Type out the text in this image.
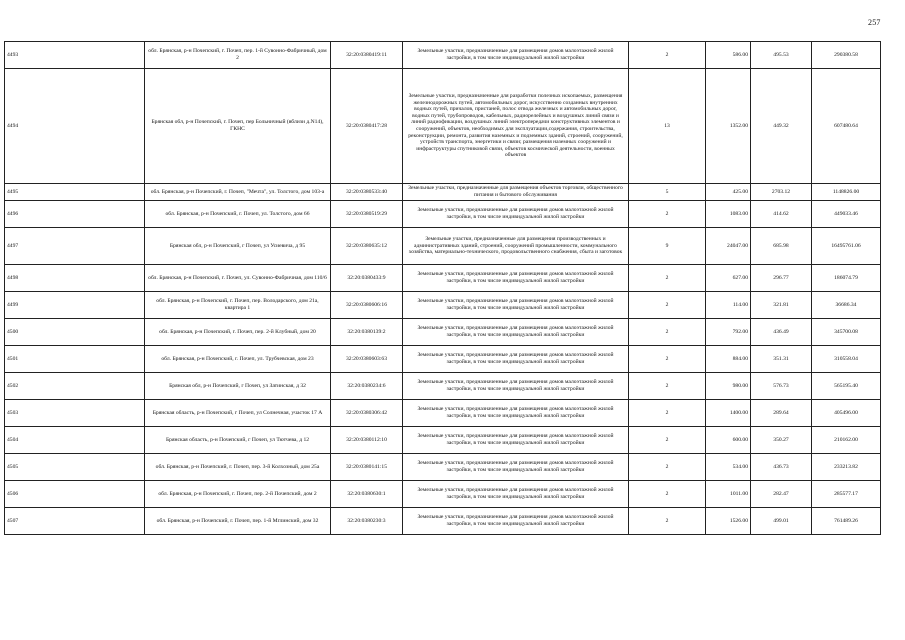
257
4493	обл. Брянская, р-н Почепский, г. Почеп, пер. 1-й Сувонно-Фабричный, дом 2	32:20:0380419:11	Земельные участки, предназначенные для размещения домов малоэтажной жилой застройки, в том числе индивидуальной жилой застройки	2	586.00	495.53	290380.58
4494	Брянская обл, р-н Почепский, г. Почеп, пер Больничный (вблизи д.N14), ГКНС	32:20:0380417:28	Земельные участки, предназначенные для разработки полезных ископаемых, размещения железнодорожных путей, автомобильных дорог, искусственно созданных внутренних водных путей, причалов, пристаней, полос отвода железных и автомобильных дорог, водных путей, трубопроводов, кабельных, радиорелейных и воздушных линий связи и линий радиофикации, воздушных линий электропередачи конструктивных элементов и сооружений, объектов, необходимых для эксплуатации,содержания, строительства, реконструкции, ремонта, развития наземных и подземных зданий, строений, сооружений, устройств транспорта, энергетики и связи; размещения наземных сооружений и инфраструктуры спутниковой связи, объектов космической деятельности, военных объектов	13	1352.00	449.32	607480.64
4495	обл. Брянская, р-н Почепский, г. Почеп, "Мечта", ул. Толстого, дом 103-а	32:20:0380533:40	Земельные участки, предназначенные для размещения объектов торговли, общественного питания и бытового обслуживания	5	425.00	2703.12	1148826.00
4496	обл. Брянская, р-н Почепский, г. Почеп, ул. Толстого, дом 66	32:20:0380519:29	Земельные участки, предназначенные для размещения домов малоэтажной жилой застройки, в том числе индивидуальной жилой застройки	2	1083.00	414.62	449033.46
4497	Брянская обл, р-н Почепский, г Почеп, ул Усиевича, д 95	32:20:0380635:12	Земельные участки, предназначенные для размещения производственных и административных зданий, строений, сооружений промышленности, коммунального хозяйства, материально-технического, продовольственного снабжения, сбыта и заготовок	9	24047.00	685.98	16495761.06
4498	обл. Брянская, р-н Почепский, г. Почеп, ул. Сувонно-Фабричная, дом 110/6	32:20:0380433:9	Земельные участки, предназначенные для размещения домов малоэтажной жилой застройки, в том числе индивидуальной жилой застройки	2	627.00	296.77	186074.79
4499	обл. Брянская, р-н Почепский, г. Почеп, пер. Володарского, дом 21а, квартира 1	32:20:0380606:16	Земельные участки, предназначенные для размещения домов малоэтажной жилой застройки, в том числе индивидуальной жилой застройки	2	114.00	321.81	36686.34
4500	обл. Брянская, р-н Почепский, г. Почеп, пер. 2-й Клубный, дом 20	32:20:0380139:2	Земельные участки, предназначенные для размещения домов малоэтажной жилой застройки, в том числе индивидуальной жилой застройки	2	792.00	436.49	345700.08
4501	обл. Брянская, р-н Почепский, г. Почеп, ул. Трубчевская, дом 23	32:20:0380603:63	Земельные участки, предназначенные для размещения домов малоэтажной жилой застройки, в том числе индивидуальной жилой застройки	2	884.00	351.31	310558.04
4502	Брянская обл, р-н Почепский, г Почеп, ул Затинская, д 32	32:20:0380234:6	Земельные участки, предназначенные для размещения домов малоэтажной жилой застройки, в том числе индивидуальной жилой застройки	2	980.00	576.73	565195.40
4503	Брянская область, р-н Почепский, г Почеп, ул Солнечная, участок 17 А	32:20:0380306:42	Земельные участки, предназначенные для размещения домов малоэтажной жилой застройки, в том числе индивидуальной жилой застройки	2	1400.00	289.64	405496.00
4504	Брянская область, р-н Почепский, г Почеп, ул Тютчева, д 12	32:20:0380112:10	Земельные участки, предназначенные для размещения домов малоэтажной жилой застройки, в том числе индивидуальной жилой застройки	2	600.00	350.27	210162.00
4505	обл. Брянская, р-н Почепский, г. Почеп, пер. 3-й Колхозный, дом 25а	32:20:0380141:15	Земельные участки, предназначенные для размещения домов малоэтажной жилой застройки, в том числе индивидуальной жилой застройки	2	534.00	436.73	233213.82
4506	обл. Брянская, р-н Почепский, г. Почеп, пер. 2-й Почепский, дом 2	32:20:0380630:1	Земельные участки, предназначенные для размещения домов малоэтажной жилой застройки, в том числе индивидуальной жилой застройки	2	1011.00	282.47	285577.17
4507	обл. Брянская, р-н Почепский, г. Почеп, пер. 1-й Мглинский, дом 32	32:20:0380230:3	Земельные участки, предназначенные для размещения домов малоэтажной жилой застройки, в том числе индивидуальной жилой застройки	2	1526.00	499.01	761489.26
